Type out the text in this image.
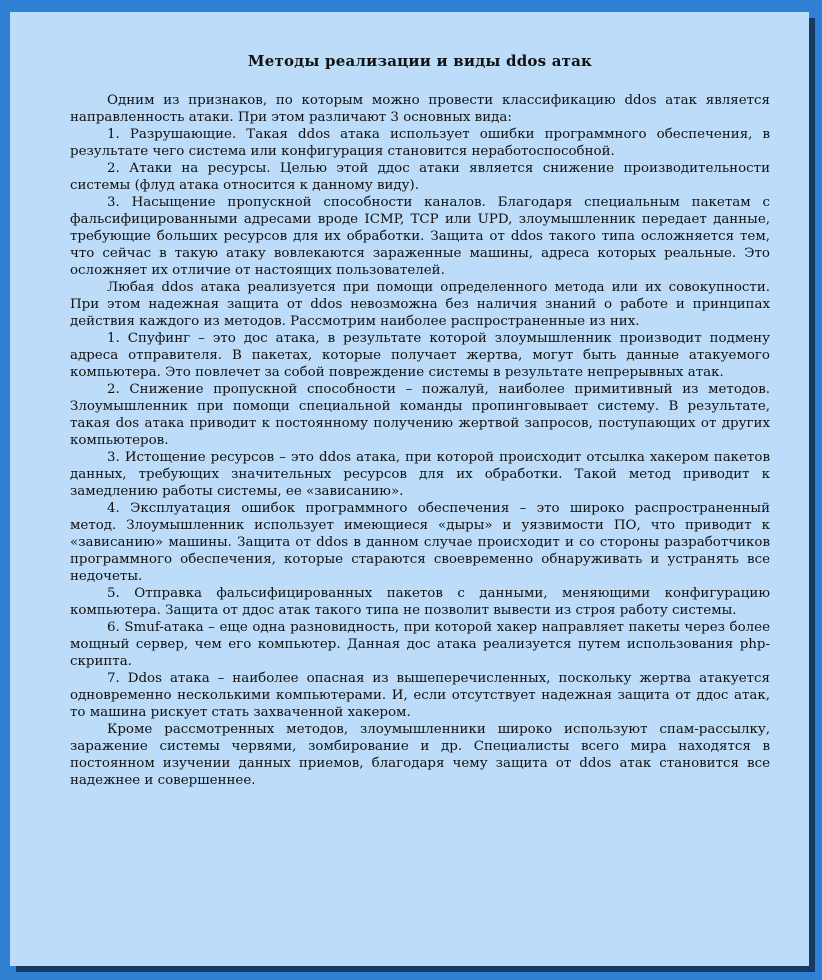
Методы реализации и виды ddos атак

Одним из признаков, по которым можно провести классификацию ddos атак является направленность атаки. При этом различают 3 основных вида:

1. Разрушающие. Такая ddos атака использует ошибки программного обеспечения, в результате чего система или конфигурация становится неработоспособной.

2. Атаки на ресурсы. Целью этой ддос атаки является снижение производительности системы (флуд атака относится к данному виду).

3. Насыщение пропускной способности каналов. Благодаря специальным пакетам с фальсифицированными адресами вроде ICMP, TCP или UPD, злоумышленник передает данные, требующие больших ресурсов для их обработки. Защита от ddos такого типа осложняется тем, что сейчас в такую атаку вовлекаются зараженные машины, адреса которых реальные. Это осложняет их отличие от настоящих пользователей.

Любая ddos атака реализуется при помощи определенного метода или их совокупности. При этом надежная защита от ddos невозможна без наличия знаний о работе и принципах действия каждого из методов. Рассмотрим наиболее распространенные из них.

1. Спуфинг – это дос атака, в результате которой злоумышленник производит подмену адреса отправителя. В пакетах, которые получает жертва, могут быть данные атакуемого компьютера. Это повлечет за собой повреждение системы в результате непрерывных атак.

2. Снижение пропускной способности – пожалуй, наиболее примитивный из методов. Злоумышленник при помощи специальной команды пропинговывает систему. В результате, такая dos атака приводит к постоянному получению жертвой запросов, поступающих от других компьютеров.

3. Истощение ресурсов – это ddos атака, при которой происходит отсылка хакером пакетов данных, требующих значительных ресурсов для их обработки. Такой метод приводит к замедлению работы системы, ее «зависанию».

4. Эксплуатация ошибок программного обеспечения – это широко распространенный метод. Злоумышленник использует имеющиеся «дыры» и уязвимости ПО, что приводит к «зависанию» машины. Защита от ddos в данном случае происходит и со стороны разработчиков программного обеспечения, которые стараются своевременно обнаруживать и устранять все недочеты.

5. Отправка фальсифицированных пакетов с данными, меняющими конфигурацию компьютера. Защита от ддос атак такого типа не позволит вывести из строя работу системы.

6. Smuf-атака – еще одна разновидность, при которой хакер направляет пакеты через более мощный сервер, чем его компьютер. Данная дос атака реализуется путем использования php-скрипта.

7. Ddos атака – наиболее опасная из вышеперечисленных, поскольку жертва атакуется одновременно несколькими компьютерами. И, если отсутствует надежная защита от ддос атак, то машина рискует стать захваченной хакером.

Кроме рассмотренных методов, злоумышленники широко используют спам-рассылку, заражение системы червями, зомбирование и др. Специалисты всего мира находятся в постоянном изучении данных приемов, благодаря чему защита от ddos атак становится все надежнее и совершеннее.
